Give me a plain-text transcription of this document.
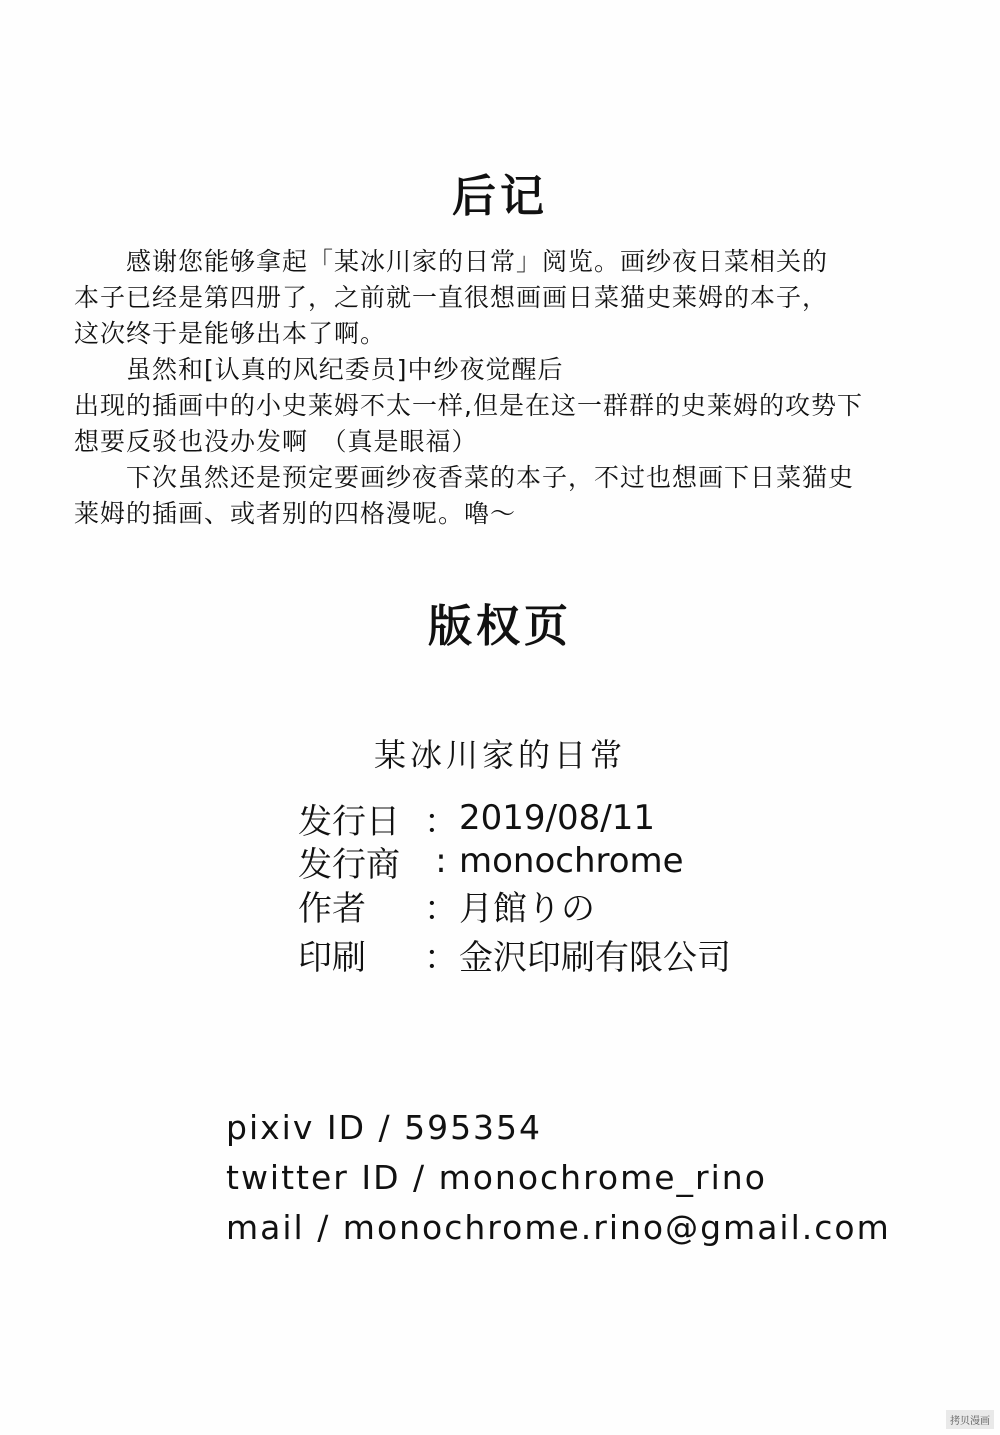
后记
　　感谢您能够拿起「某冰川家的日常」阅览。画纱夜日菜相关的
本子已经是第四册了，之前就一直很想画画日菜猫史莱姆的本子，
这次终于是能够出本了啊。
　　虽然和[认真的风纪委员]中纱夜觉醒后
出现的插画中的小史莱姆不太一样,但是在这一群群的史莱姆的攻势下
想要反驳也没办发啊　（真是眼福）
　　下次虽然还是预定要画纱夜香菜的本子，不过也想画下日菜猫史
莱姆的插画、或者别的四格漫呢。嚕～
版权页
某冰川家的日常
发行日 ： 2019/08/11
发行商	: monochrome
作者	： 月館りの
印刷	： 金沢印刷有限公司
pixiv ID / 595354
twitter ID / monochrome_rino
mail / monochrome.rino@gmail.com
拷贝漫画
